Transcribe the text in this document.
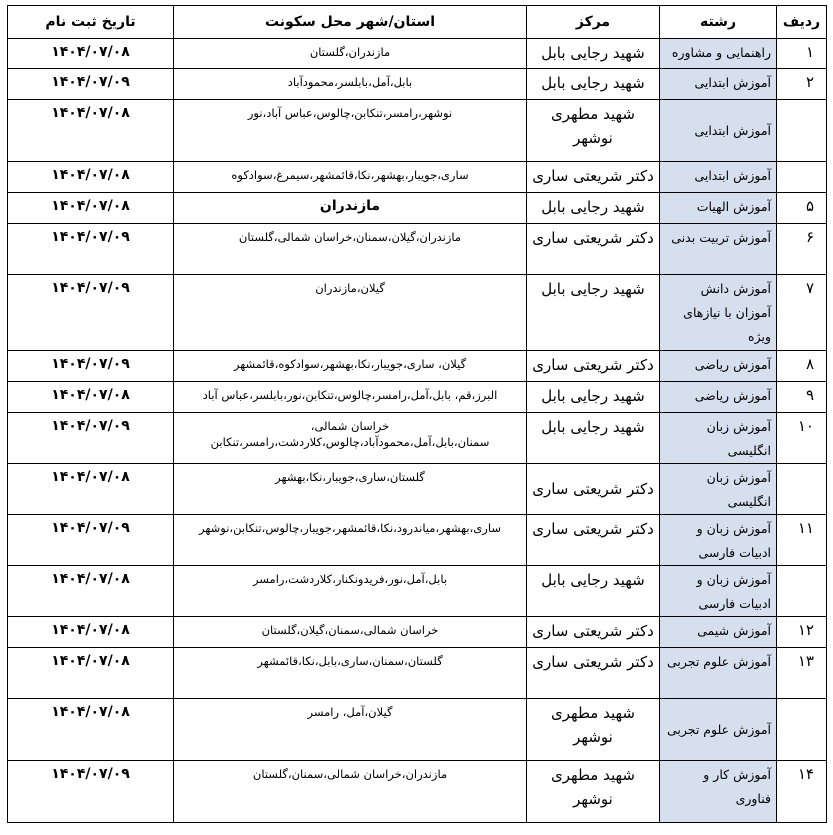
ردیف	رشته	مرکز	استان/شهر محل سکونت	تاریخ ثبت نام
۱	راهنمایی و مشاوره	شهید رجایی بابل	مازندران،گلستان	۱۴۰۴/۰۷/۰۸
۲	آموزش ابتدایی	شهید رجایی بابل	بابل،آمل،بابلسر،محمودآباد	۱۴۰۴/۰۷/۰۹
	آموزش ابتدایی	شهید مطهری نوشهر	نوشهر،رامسر،تنکابن،چالوس،عباس آباد،نور	۱۴۰۴/۰۷/۰۸
	آموزش ابتدایی	دکتر شریعتی ساری	ساری،جویبار،بهشهر،نکا،قائمشهر،سیمرغ،سوادکوه	۱۴۰۴/۰۷/۰۸
۵	آموزش الهیات	شهید رجایی بابل	مازندران	۱۴۰۴/۰۷/۰۸
۶	آموزش تربیت بدنی	دکتر شریعتی ساری	مازندران،گیلان،سمنان،خراسان شمالی،گلستان	۱۴۰۴/۰۷/۰۹
۷	آموزش دانش آموزان با نیازهای ویژه	شهید رجایی بابل	گیلان،مازندران	۱۴۰۴/۰۷/۰۹
۸	آموزش ریاضی	دکتر شریعتی ساری	گیلان، ساری،جویبار،نکا،بهشهر،سوادکوه،قائمشهر	۱۴۰۴/۰۷/۰۹
۹	آموزش ریاضی	شهید رجایی بابل	البرز،قم، بابل،آمل،رامسر،چالوس،تنکابن،نور،بابلسر،عباس آباد	۱۴۰۴/۰۷/۰۸
۱۰	آموزش زبان انگلیسی	شهید رجایی بابل	خراسان شمالی،
سمنان،بابل،آمل،محمودآباد،چالوس،کلاردشت،رامسر،تنکابن	۱۴۰۴/۰۷/۰۹
	آموزش زبان انگلیسی	دکتر شریعتی ساری	گلستان،ساری،جویبار،نکا،بهشهر	۱۴۰۴/۰۷/۰۸
۱۱	آموزش زبان و ادبیات فارسی	دکتر شریعتی ساری	ساری،بهشهر،میاندرود،نکا،قائمشهر،جویبار،چالوس،تنکابن،نوشهر	۱۴۰۴/۰۷/۰۹
	آموزش زبان و ادبیات فارسی	شهید رجایی بابل	بابل،آمل،نور،فریدونکنار،کلاردشت،رامسر	۱۴۰۴/۰۷/۰۸
۱۲	آموزش شیمی	دکتر شریعتی ساری	خراسان شمالی،سمنان،گیلان،گلستان	۱۴۰۴/۰۷/۰۸
۱۳	آموزش علوم تجربی	دکتر شریعتی ساری	گلستان،سمنان،ساری،بابل،نکا،قائمشهر	۱۴۰۴/۰۷/۰۸
	آموزش علوم تجربی	شهید مطهری نوشهر	گیلان،آمل، رامسر	۱۴۰۴/۰۷/۰۸
۱۴	آموزش کار و فناوری	شهید مطهری نوشهر	مازندران،خراسان شمالی،سمنان،گلستان	۱۴۰۴/۰۷/۰۹
